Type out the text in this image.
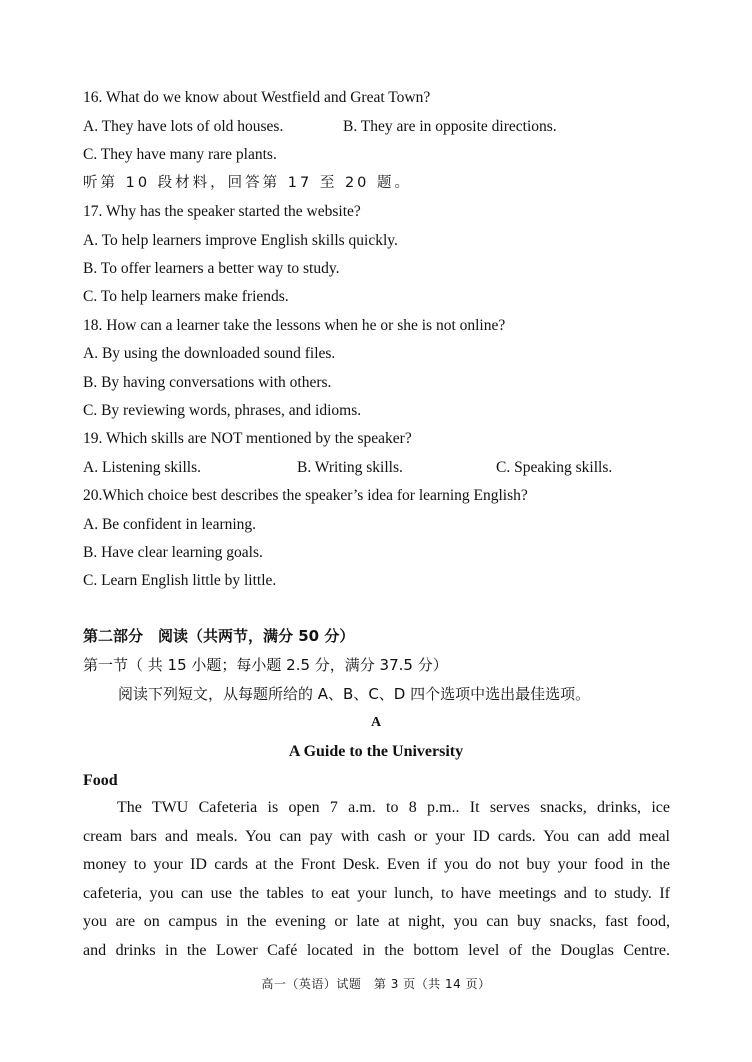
16. What do we know about Westfield and Great Town?
A. They have lots of old houses.	B. They are in opposite directions.
C. They have many rare plants.
听第 10 段材料，回答第 17 至 20 题。
17. Why has the speaker started the website?
A. To help learners improve English skills quickly.
B. To offer learners a better way to study.
C. To help learners make friends.
18. How can a learner take the lessons when he or she is not online?
A. By using the downloaded sound files.
B. By having conversations with others.
C. By reviewing words, phrases, and idioms.
19. Which skills are NOT mentioned by the speaker?
A. Listening skills.	B. Writing skills.	C. Speaking skills.
20.Which choice best describes the speaker’s idea for learning English?
A. Be confident in learning.
B. Have clear learning goals.
C. Learn English little by little.
第二部分　阅读（共两节，满分 50 分）
第一节（ 共 15 小题；每小题 2.5 分，满分 37.5 分）
阅读下列短文，从每题所给的 A、B、C、D 四个选项中选出最佳选项。
A
A Guide to the University
Food

The TWU Cafeteria is open 7 a.m. to 8 p.m.. It serves snacks, drinks, ice

cream bars and meals. You can pay with cash or your ID cards. You can add meal

money to your ID cards at the Front Desk. Even if you do not buy your food in the

cafeteria, you can use the tables to eat your lunch, to have meetings and to study. If

you are on campus in the evening or late at night, you can buy snacks, fast food,

and drinks in the Lower Café located in the bottom level of the Douglas Centre.

高一（英语）试题　第 3 页（共 14 页）
